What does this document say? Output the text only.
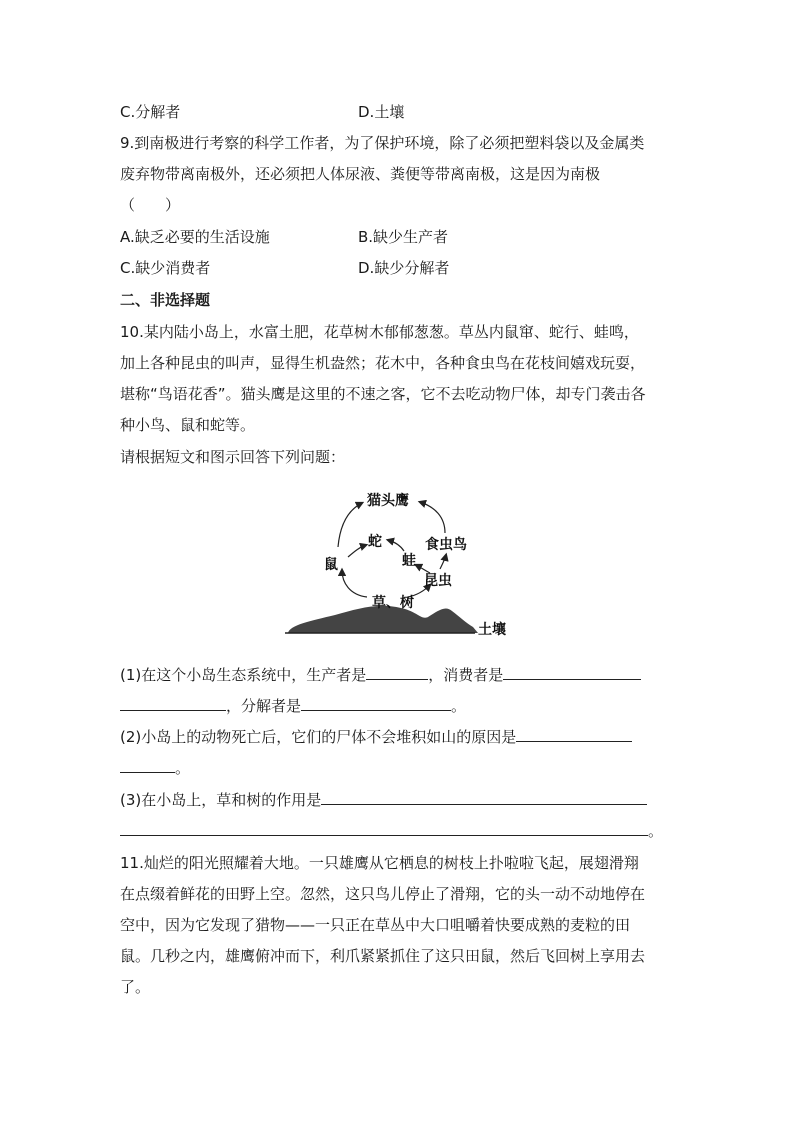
C.分解者	D.土壤
9.到南极进行考察的科学工作者，为了保护环境，除了必须把塑料袋以及金属类
废弃物带离南极外，还必须把人体尿液、粪便等带离南极，这是因为南极
（　　）
A.缺乏必要的生活设施	B.缺少生产者
C.缺少消费者	D.缺少分解者
二、非选择题
10.某内陆小岛上，水富土肥，花草树木郁郁葱葱。草丛内鼠窜、蛇行、蛙鸣，
加上各种昆虫的叫声，显得生机盎然；花木中，各种食虫鸟在花枝间嬉戏玩耍，
堪称“鸟语花香”。猫头鹰是这里的不速之客，它不去吃动物尸体，却专门袭击各
种小鸟、鼠和蛇等。
请根据短文和图示回答下列问题：
猫头鹰
蛇
鼠
食虫鸟
蛙
昆虫
草、树
土壤
(1)在这个小岛生态系统中，生产者是	，消费者是
，分解者是	。
(2)小岛上的动物死亡后，它们的尸体不会堆积如山的原因是
。
(3)在小岛上，草和树的作用是
。
11.灿烂的阳光照耀着大地。一只雄鹰从它栖息的树枝上扑啦啦飞起，展翅滑翔
在点缀着鲜花的田野上空。忽然，这只鸟儿停止了滑翔，它的头一动不动地停在
空中，因为它发现了猎物——一只正在草丛中大口咀嚼着快要成熟的麦粒的田
鼠。几秒之内，雄鹰俯冲而下，利爪紧紧抓住了这只田鼠，然后飞回树上享用去
了。
